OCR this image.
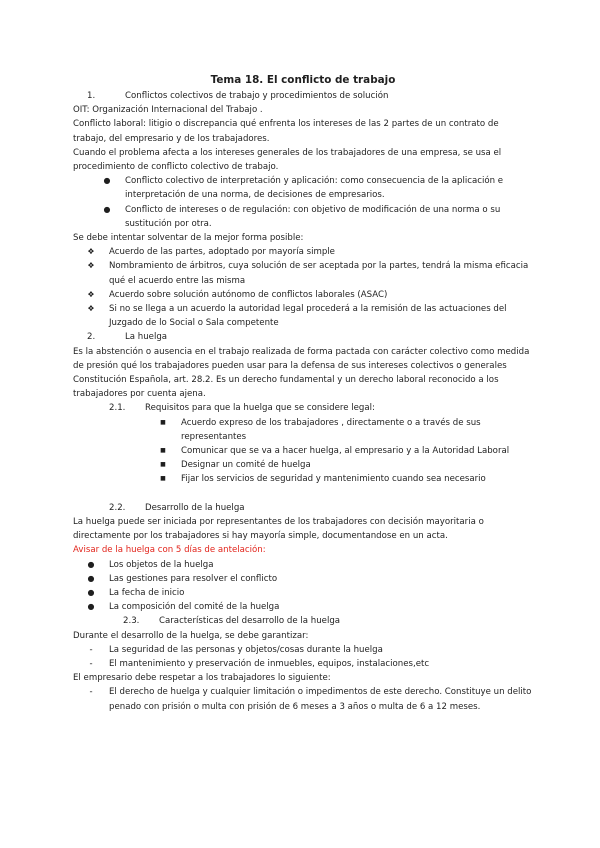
Tema 18. El conflicto de trabajo
1.	Conflictos colectivos de trabajo y procedimientos de solución

OIT: Organización Internacional del Trabajo .

Conflicto laboral: litigio o discrepancia qué enfrenta los intereses de las 2 partes de un contrato de trabajo, del empresario y de los trabajadores.

Cuando el problema afecta a los intereses generales de los trabajadores de una empresa, se usa el procedimiento de conflicto colectivo de trabajo.

●	Conflicto colectivo de interpretación y aplicación: como consecuencia de la aplicación e interpretación de una norma, de decisiones de empresarios.
●	Conflicto de intereses o de regulación: con objetivo de modificación de una norma o su sustitución por otra.

Se debe intentar solventar de la mejor forma posible:

❖	Acuerdo de las partes, adoptado por mayoría simple
❖	Nombramiento de árbitros, cuya solución de ser aceptada por la partes, tendrá la misma eficacia qué el acuerdo entre las misma
❖	Acuerdo sobre solución autónomo de conflictos laborales (ASAC)
❖	Si no se llega a un acuerdo la autoridad legal procederá a la remisión de las actuaciones del Juzgado de lo Social o Sala competente
2.	La huelga

Es la abstención o ausencia en el trabajo realizada de forma pactada con carácter colectivo como medida de presión qué los trabajadores pueden usar para la defensa de sus intereses colectivos o generales Constitución Española, art. 28.2. Es un derecho fundamental y un derecho laboral reconocido a los trabajadores por cuenta ajena.

2.1.	Requisitos para que la huelga que se considere legal:
■	Acuerdo expreso de los trabajadores , directamente o a través de sus representantes
■	Comunicar que se va a hacer huelga, al empresario y a la Autoridad Laboral
■	Designar un comité de huelga
■	Fijar los servicios de seguridad y mantenimiento cuando sea necesario
2.2.	Desarrollo de la huelga

La huelga puede ser iniciada por representantes de los trabajadores con decisión mayoritaria o directamente por los trabajadores si hay mayoría simple, documentandose en un acta.

Avisar de la huelga con 5 días de antelación:

●	Los objetos de la huelga
●	Las gestiones para resolver el conflicto
●	La fecha de inicio
●	La composición del comité de la huelga
2.3.	Características del desarrollo de la huelga

Durante el desarrollo de la huelga, se debe garantizar:

-	La seguridad de las personas y objetos/cosas durante la huelga
-	El mantenimiento y preservación de inmuebles, equipos, instalaciones,etc

El empresario debe respetar a los trabajadores lo siguiente:

-	El derecho de huelga y cualquier limitación o impedimentos de este derecho. Constituye un delito penado con prisión o multa con prisión de 6 meses a 3 años o multa de 6 a 12 meses.
